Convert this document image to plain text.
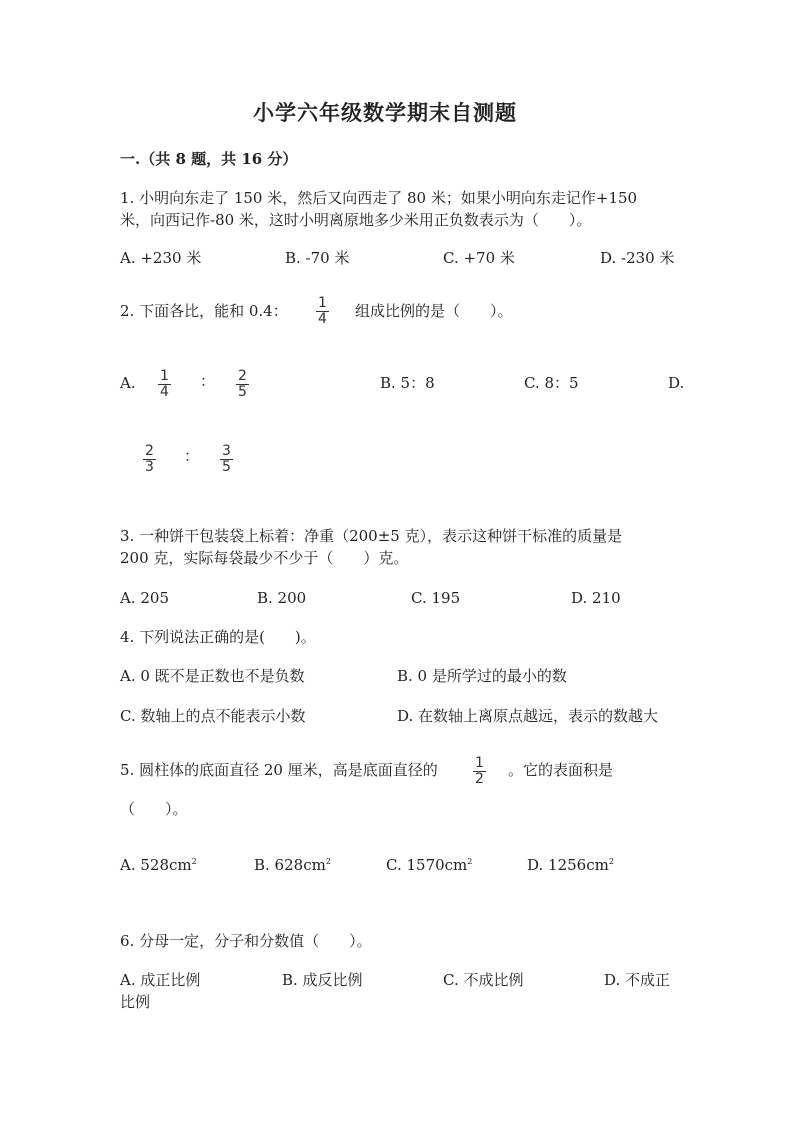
小学六年级数学期末自测题
一.（共 8 题，共 16 分）
1. 小明向东走了 150 米，然后又向西走了 80 米；如果小明向东走记作+150
米，向西记作-80 米，这时小明离原地多少米用正负数表示为（　　）。
A. +230 米	B. -70 米	C. +70 米	D. -230 米
2. 下面各比，能和 0.4： $\frac{1}{4}$ 组成比例的是（　　）。
A. $\frac{1}{4}$ ： $\frac{2}{5}$	B. 5：8	C. 8：5	D.
$\frac{2}{3}$ ： $\frac{3}{5}$
3. 一种饼干包装袋上标着：净重（200±5 克），表示这种饼干标准的质量是
200 克，实际每袋最少不少于（　　）克。
A. 205	B. 200	C. 195	D. 210
4. 下列说法正确的是(　　)。
A. 0 既不是正数也不是负数	B. 0 是所学过的最小的数
C. 数轴上的点不能表示小数	D. 在数轴上离原点越远，表示的数越大
5. 圆柱体的底面直径 20 厘米，高是底面直径的	$\frac{1}{2}$ 。它的表面积是
（　　）。
A. $528cm^2$	B. $628cm^2$	C. $1570cm^2$	D. $1256cm^2$
6. 分母一定，分子和分数值（　　）。
A. 成正比例	B. 成反比例	C. 不成比例	D. 不成正
比例
